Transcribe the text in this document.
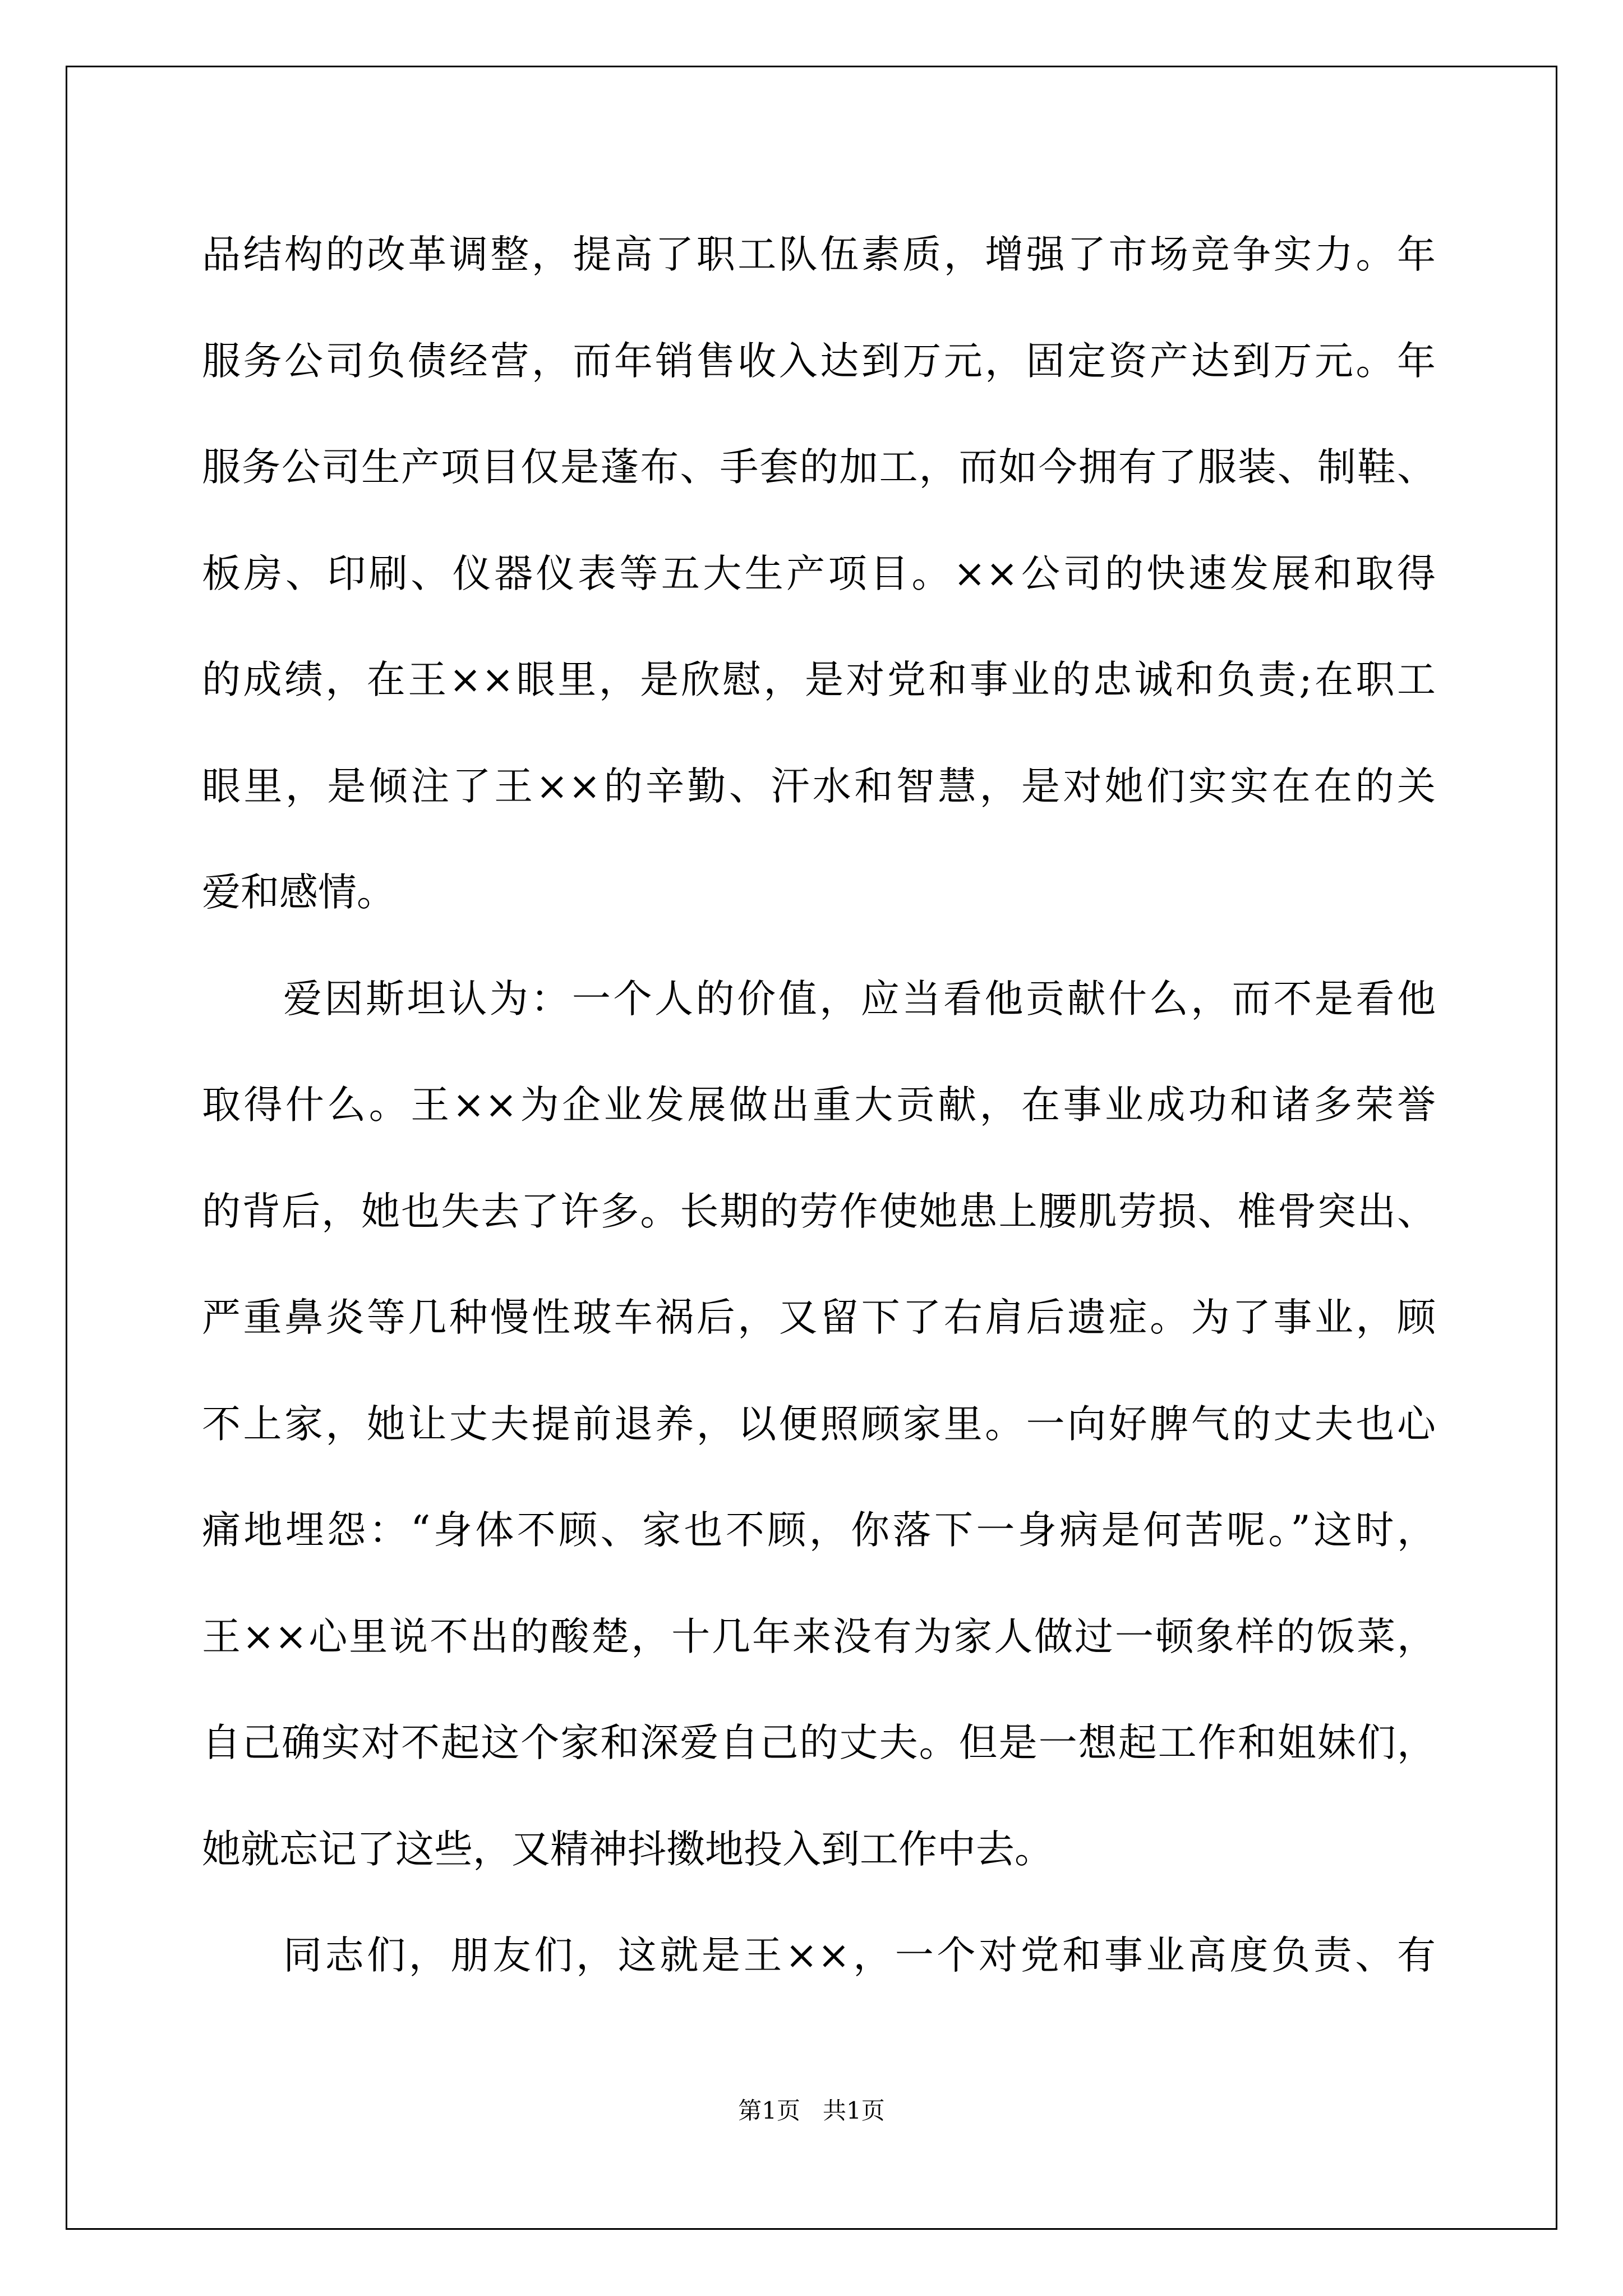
品结构的改革调整，提高了职工队伍素质，增强了市场竞争实力。年
服务公司负债经营，而年销售收入达到万元，固定资产达到万元。年
服务公司生产项目仅是蓬布、手套的加工，而如今拥有了服装、制鞋、
板房、印刷、仪器仪表等五大生产项目。××公司的快速发展和取得
的成绩，在王××眼里，是欣慰，是对党和事业的忠诚和负责;在职工
眼里，是倾注了王××的辛勤、汗水和智慧，是对她们实实在在的关
爱和感情。
爱因斯坦认为：一个人的价值，应当看他贡献什么，而不是看他
取得什么。王××为企业发展做出重大贡献，在事业成功和诸多荣誉
的背后，她也失去了许多。长期的劳作使她患上腰肌劳损、椎骨突出、
严重鼻炎等几种慢性玻车祸后，又留下了右肩后遗症。为了事业，顾
不上家，她让丈夫提前退养，以便照顾家里。一向好脾气的丈夫也心
痛地埋怨：“身体不顾、家也不顾，你落下一身病是何苦呢。”这时，
王××心里说不出的酸楚，十几年来没有为家人做过一顿象样的饭菜，
自己确实对不起这个家和深爱自己的丈夫。但是一想起工作和姐妹们，
她就忘记了这些，又精神抖擞地投入到工作中去。
同志们，朋友们，这就是王××，一个对党和事业高度负责、有
第1页 共1页
